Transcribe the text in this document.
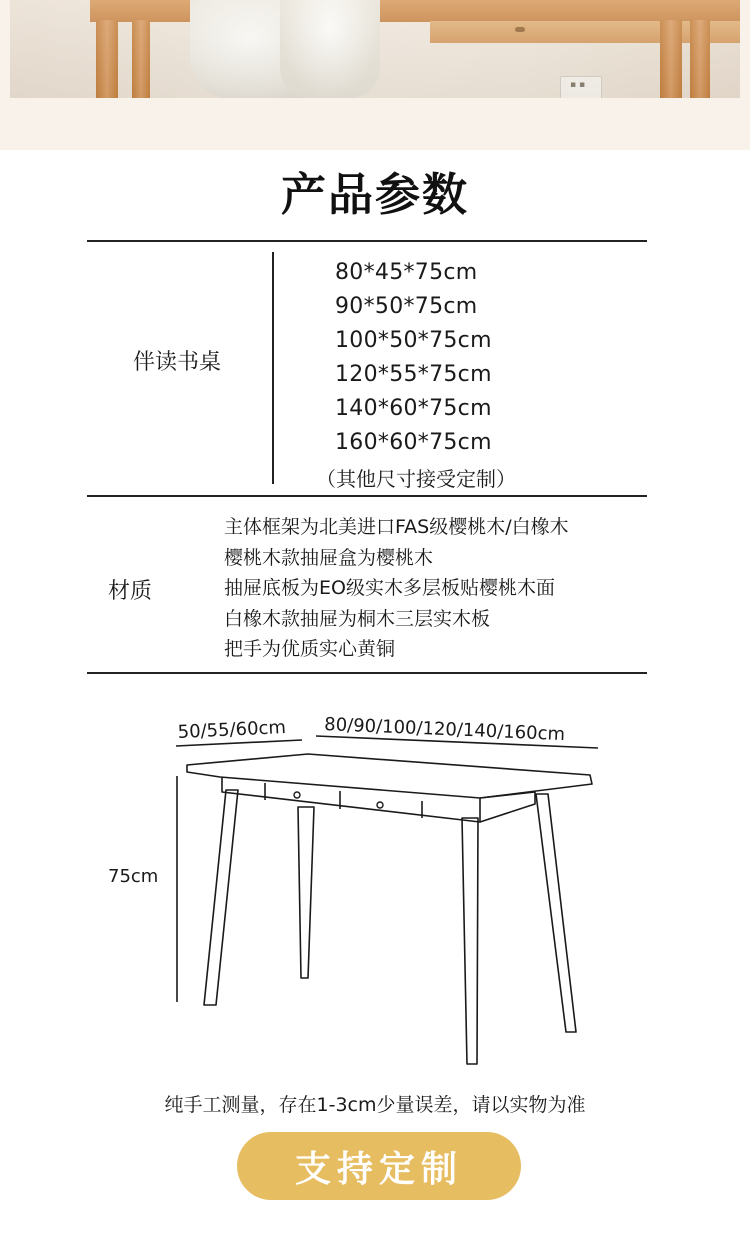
▪ ▪
产品参数
伴读书桌
80*45*75cm
90*50*75cm
100*50*75cm
120*55*75cm
140*60*75cm
160*60*75cm
（其他尺寸接受定制）
材质
主体框架为北美进口FAS级樱桃木/白橡木
樱桃木款抽屉盒为樱桃木
抽屉底板为EO级实木多层板贴樱桃木面
白橡木款抽屉为桐木三层实木板
把手为优质实心黄铜
50/55/60cm 80/90/100/120/140/160cm
75cm
纯手工测量，存在1-3cm少量误差，请以实物为准
支持定制
